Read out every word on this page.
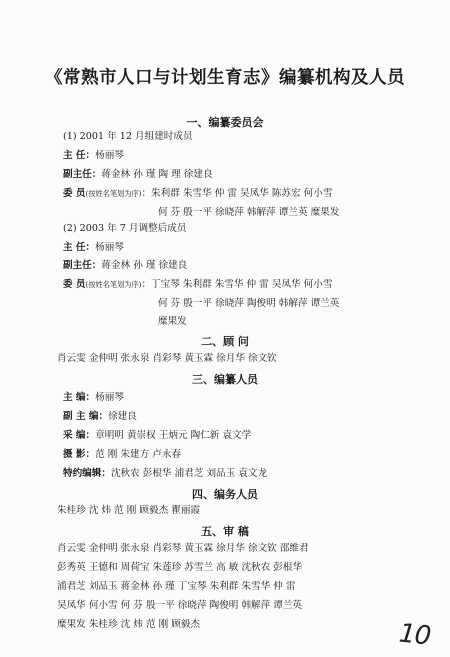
《常熟市人口与计划生育志》编纂机构及人员
一、编纂委员会
(1) 2001 年 12 月组建时成员
主 任：杨丽琴
副主任：蒋金林 孙 瑾 陶 理 徐建良
委 员(按姓名笔划为序)：朱利群 朱雪华 仲 雷 吴凤华 陈苏宏 何小雪
何 芬 殷一平 徐晓萍 韩解萍 谭兰英 糜果发
(2) 2003 年 7 月调整后成员
主 任：杨丽琴
副主任：蒋金林 孙 瑾 徐建良
委 员(按姓名笔划为序)：丁宝琴 朱利群 朱雪华 仲 雷 吴凤华 何小雪
何 芬 殷一平 徐晓萍 陶俊明 韩解萍 谭兰英
糜果发
二、顾 问
肖云雯 金仲明 张永泉 肖彩琴 黄玉霖 徐月华 徐文钦
三、编纂人员
主 编：杨丽琴
副 主 编：徐建良
采 编：章明明 黄崇权 王炳元 陶仁新 袁文学
摄 影：范 刚 朱建方 卢永春
特约编辑：沈秋农 彭根华 浦君芝 刘品玉 袁文龙
四、编务人员
朱桂珍 沈 炜 范 刚 顾毅杰 瞿丽霞
五、审 稿
肖云雯 金仲明 张永泉 肖彩琴 黄玉霖 徐月华 徐文钦 邵维君
彭秀英 王德和 周荷宝 朱莲珍 苏雪兰 高 敏 沈秋农 彭根华
浦君芝 刘品玉 蒋金林 孙 瑾 丁宝琴 朱利群 朱雪华 仲 雷
吴凤华 何小雪 何 芬 殷一平 徐晓萍 陶俊明 韩解萍 谭兰英
糜果发 朱桂珍 沈 炜 范 刚 顾毅杰	10
